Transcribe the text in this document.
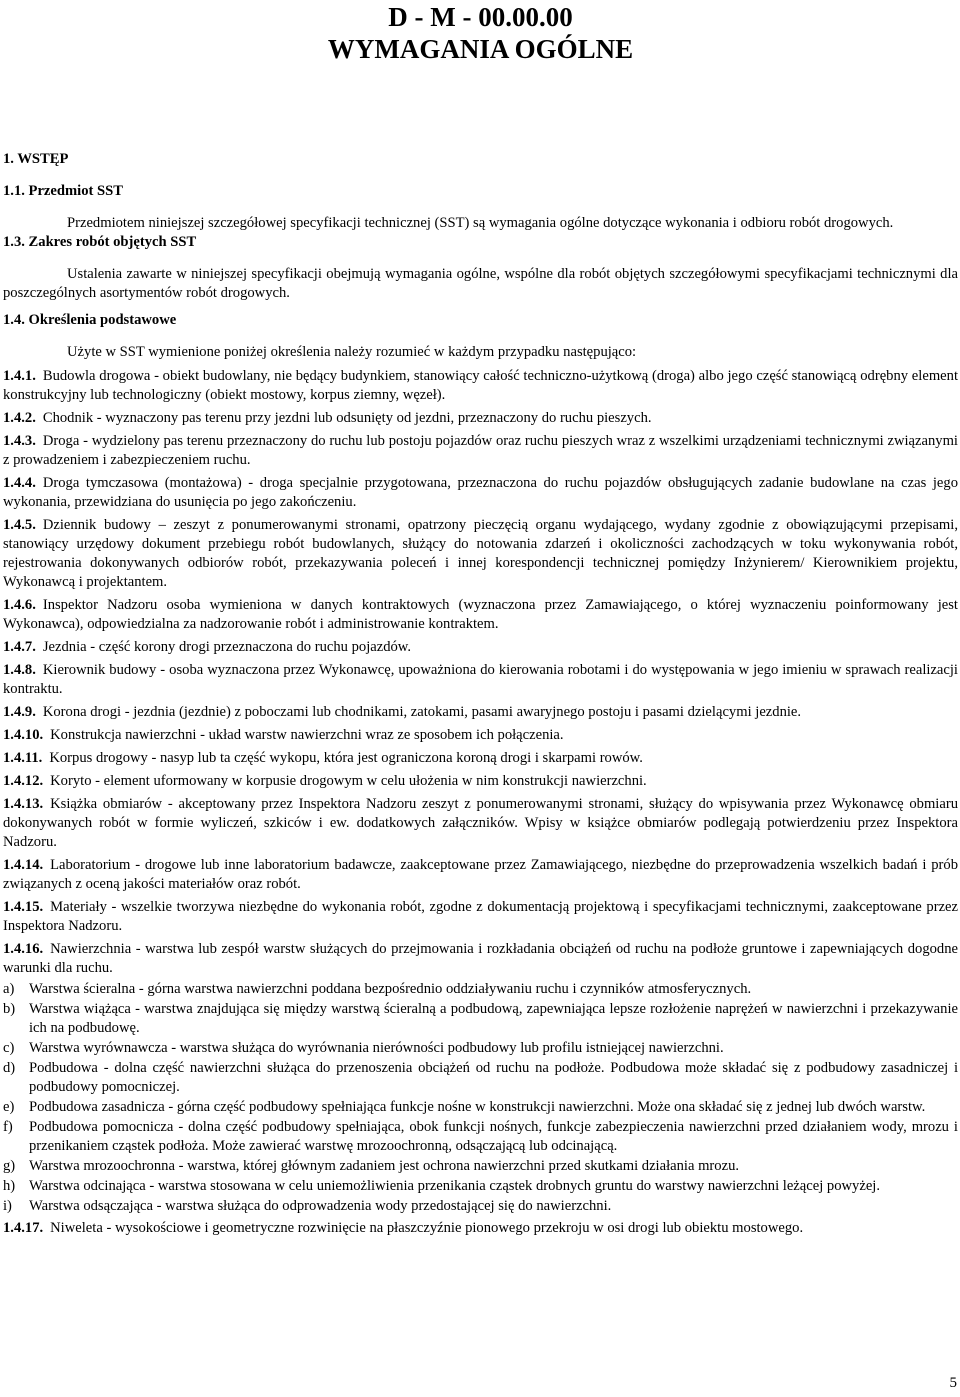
D - M - 00.00.00
WYMAGANIA OGÓLNE
1. WSTĘP
1.1. Przedmiot SST
Przedmiotem niniejszej szczegółowej specyfikacji technicznej (SST) są wymagania ogólne dotyczące wykonania i odbioru robót drogowych.
1.3. Zakres robót objętych SST
Ustalenia zawarte w niniejszej specyfikacji obejmują wymagania ogólne, wspólne dla robót objętych szczegółowymi specyfikacjami technicznymi dla poszczególnych asortymentów robót drogowych.
1.4. Określenia podstawowe
Użyte w SST wymienione poniżej określenia należy rozumieć w każdym przypadku następująco:
1.4.1. Budowla drogowa - obiekt budowlany, nie będący budynkiem, stanowiący całość techniczno-użytkową (droga) albo jego część stanowiącą odrębny element konstrukcyjny lub technologiczny (obiekt mostowy, korpus ziemny, węzeł).
1.4.2. Chodnik - wyznaczony pas terenu przy jezdni lub odsunięty od jezdni, przeznaczony do ruchu pieszych.
1.4.3. Droga - wydzielony pas terenu przeznaczony do ruchu lub postoju pojazdów oraz ruchu pieszych wraz z wszelkimi urządzeniami technicznymi związanymi z prowadzeniem i zabezpieczeniem ruchu.
1.4.4. Droga tymczasowa (montażowa) - droga specjalnie przygotowana, przeznaczona do ruchu pojazdów obsługujących zadanie budowlane na czas jego wykonania, przewidziana do usunięcia po jego zakończeniu.
1.4.5. Dziennik budowy – zeszyt z ponumerowanymi stronami, opatrzony pieczęcią organu wydającego, wydany zgodnie z obowiązującymi przepisami, stanowiący urzędowy dokument przebiegu robót budowlanych, służący do notowania zdarzeń i okoliczności zachodzących w toku wykonywania robót, rejestrowania dokonywanych odbiorów robót, przekazywania poleceń i innej korespondencji technicznej pomiędzy Inżynierem/ Kierownikiem projektu, Wykonawcą i projektantem.
1.4.6. Inspektor Nadzoru osoba wymieniona w danych kontraktowych (wyznaczona przez Zamawiającego, o której wyznaczeniu poinformowany jest Wykonawca), odpowiedzialna za nadzorowanie robót i administrowanie kontraktem.
1.4.7. Jezdnia - część korony drogi przeznaczona do ruchu pojazdów.
1.4.8. Kierownik budowy - osoba wyznaczona przez Wykonawcę, upoważniona do kierowania robotami i do występowania w jego imieniu w sprawach realizacji kontraktu.
1.4.9. Korona drogi - jezdnia (jezdnie) z poboczami lub chodnikami, zatokami, pasami awaryjnego postoju i pasami dzielącymi jezdnie.
1.4.10. Konstrukcja nawierzchni - układ warstw nawierzchni wraz ze sposobem ich połączenia.
1.4.11. Korpus drogowy - nasyp lub ta część wykopu, która jest ograniczona koroną drogi i skarpami rowów.
1.4.12. Koryto - element uformowany w korpusie drogowym w celu ułożenia w nim konstrukcji nawierzchni.
1.4.13. Książka obmiarów - akceptowany przez Inspektora Nadzoru zeszyt z ponumerowanymi stronami, służący do wpisywania przez Wykonawcę obmiaru dokonywanych robót w formie wyliczeń, szkiców i ew. dodatkowych załączników. Wpisy w książce obmiarów podlegają potwierdzeniu przez Inspektora Nadzoru.
1.4.14. Laboratorium - drogowe lub inne laboratorium badawcze, zaakceptowane przez Zamawiającego, niezbędne do przeprowadzenia wszelkich badań i prób związanych z oceną jakości materiałów oraz robót.
1.4.15. Materiały - wszelkie tworzywa niezbędne do wykonania robót, zgodne z dokumentacją projektową i specyfikacjami technicznymi, zaakceptowane przez Inspektora Nadzoru.
1.4.16. Nawierzchnia - warstwa lub zespół warstw służących do przejmowania i rozkładania obciążeń od ruchu na podłoże gruntowe i zapewniających dogodne warunki dla ruchu.
a)	Warstwa ścieralna - górna warstwa nawierzchni poddana bezpośrednio oddziaływaniu ruchu i czynników atmosferycznych.
b) Warstwa wiążąca - warstwa znajdująca się między warstwą ścieralną a podbudową, zapewniająca lepsze rozłożenie naprężeń w nawierzchni i przekazywanie ich na podbudowę.
c)	Warstwa wyrównawcza - warstwa służąca do wyrównania nierówności podbudowy lub profilu istniejącej nawierzchni.
d) Podbudowa - dolna część nawierzchni służąca do przenoszenia obciążeń od ruchu na podłoże. Podbudowa może składać się z podbudowy zasadniczej i podbudowy pomocniczej.
e)	Podbudowa zasadnicza - górna część podbudowy spełniająca funkcje nośne w konstrukcji nawierzchni. Może ona składać się z jednej lub dwóch warstw.
f)	Podbudowa pomocnicza - dolna część podbudowy spełniająca, obok funkcji nośnych, funkcje zabezpieczenia nawierzchni przed działaniem wody, mrozu i przenikaniem cząstek podłoża. Może zawierać warstwę mrozoochronną, odsączającą lub odcinającą.
g) Warstwa mrozoochronna - warstwa, której głównym zadaniem jest ochrona nawierzchni przed skutkami działania mrozu.
h) Warstwa odcinająca - warstwa stosowana w celu uniemożliwienia przenikania cząstek drobnych gruntu do warstwy nawierzchni leżącej powyżej.
i)	Warstwa odsączająca - warstwa służąca do odprowadzenia wody przedostającej się do nawierzchni.
1.4.17. Niweleta - wysokościowe i geometryczne rozwinięcie na płaszczyźnie pionowego przekroju w osi drogi lub obiektu mostowego.
5
